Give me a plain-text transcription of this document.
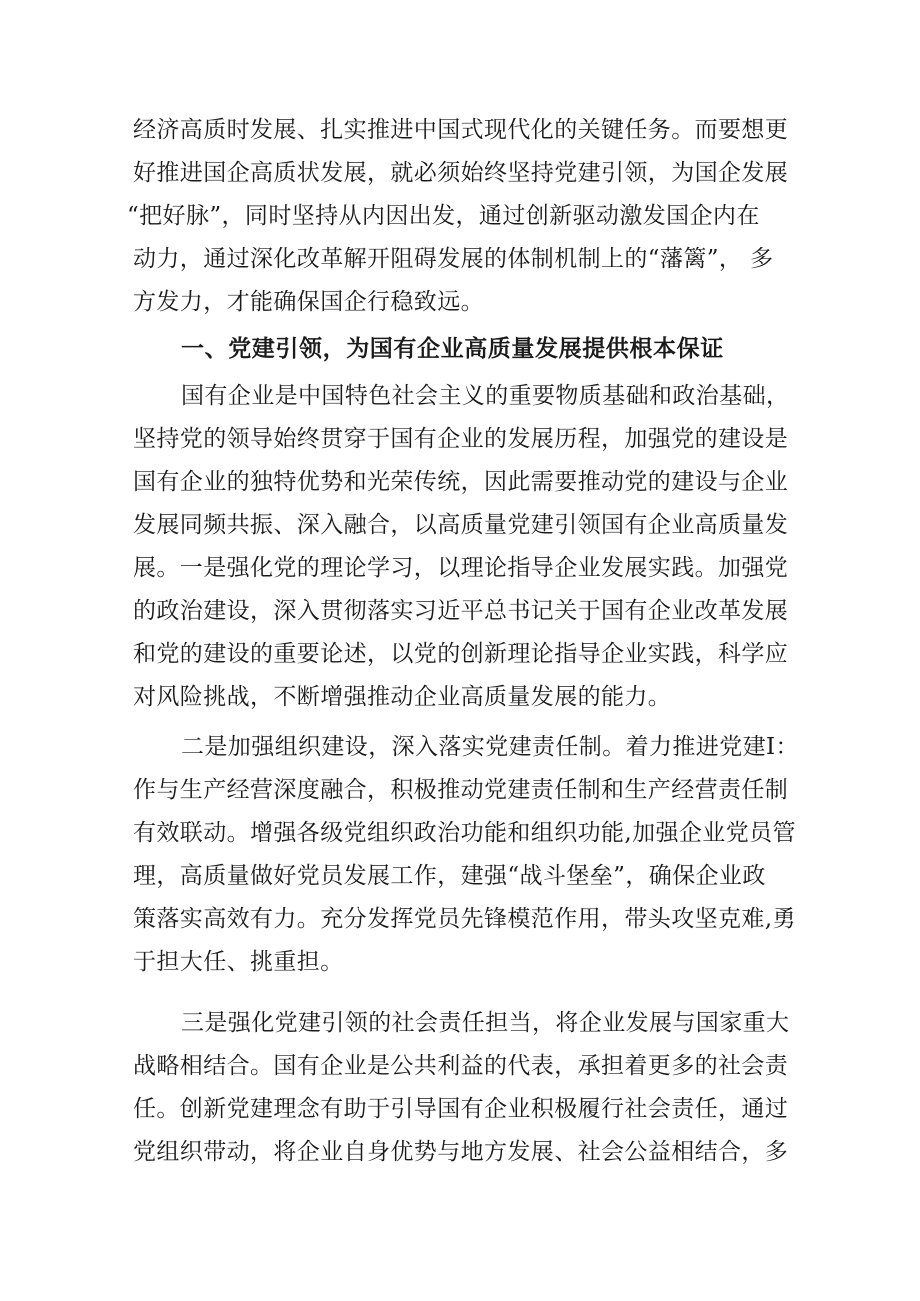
经济高质时发展、扎实推进中国式现代化的关键任务。而要想更
好推进国企高质状发展，就必须始终坚持党建引领，为国企发展
“把好脉”，同时坚持从内因出发，通过创新驱动激发国企内在
动力，通过深化改革解开阻碍发展的体制机制上的“藩篱”， 多
方发力，才能确保国企行稳致远。
一、党建引领，为国有企业高质量发展提供根本保证
国有企业是中国特色社会主义的重要物质基础和政治基础，
坚持党的领导始终贯穿于国有企业的发展历程，加强党的建设是
国有企业的独特优势和光荣传统，因此需要推动党的建设与企业
发展同频共振、深入融合，以高质量党建引领国有企业高质量发
展。一是强化党的理论学习，以理论指导企业发展实践。加强党
的政治建设，深入贯彻落实习近平总书记关于国有企业改革发展
和党的建设的重要论述，以党的创新理论指导企业实践，科学应
对风险挑战，不断增强推动企业高质量发展的能力。
二是加强组织建设，深入落实党建责任制。着力推进党建I：
作与生产经营深度融合，积极推动党建责任制和生产经营责任制
有效联动。增强各级党组织政治功能和组织功能,加强企业党员管
理，高质量做好党员发展工作，建强“战斗堡垒”，确保企业政
策落实高效有力。充分发挥党员先锋模范作用，带头攻坚克难,勇
于担大任、挑重担。
三是强化党建引领的社会责任担当，将企业发展与国家重大
战略相结合。国有企业是公共利益的代表，承担着更多的社会责
任。创新党建理念有助于引导国有企业积极履行社会责任，通过
党组织带动，将企业自身优势与地方发展、社会公益相结合，多
